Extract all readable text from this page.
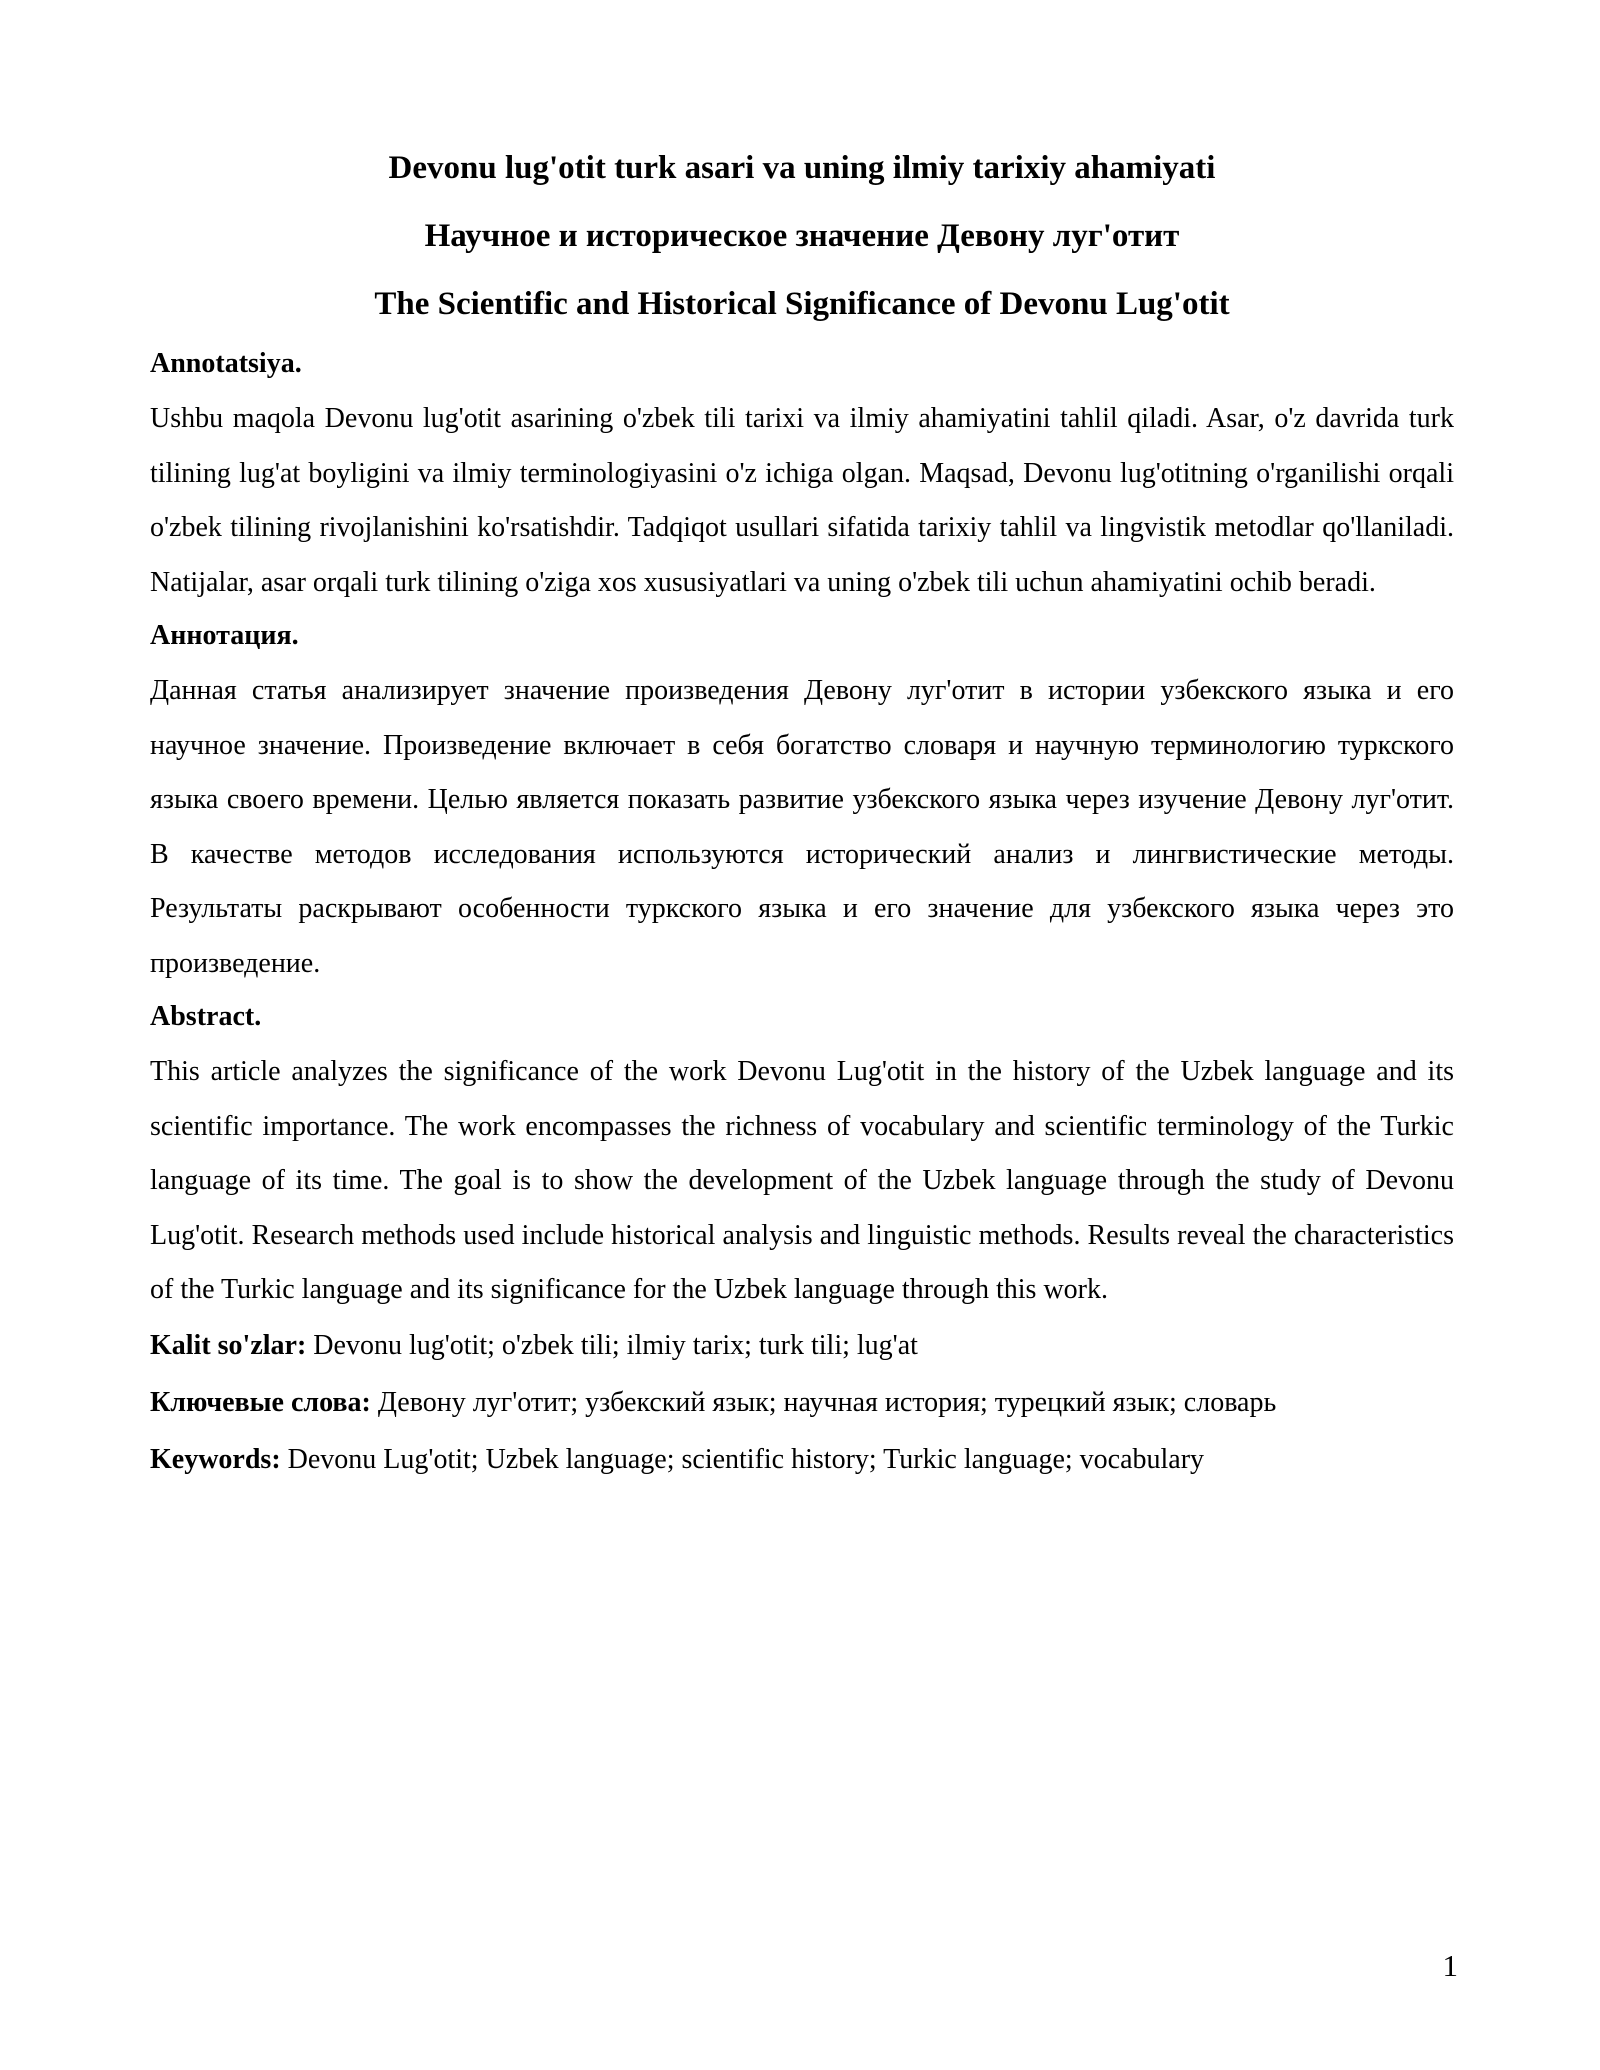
Devonu lug'otit turk asari va uning ilmiy tarixiy ahamiyati
Научное и историческое значение Девону луг'отит
The Scientific and Historical Significance of Devonu Lug'otit
Annotatsiya.

Ushbu maqola Devonu lug'otit asarining o'zbek tili tarixi va ilmiy ahamiyatini tahlil qiladi. Asar, o'z davrida turk tilining lug'at boyligini va ilmiy terminologiyasini o'z ichiga olgan. Maqsad, Devonu lug'otitning o'rganilishi orqali o'zbek tilining rivojlanishini ko'rsatishdir. Tadqiqot usullari sifatida tarixiy tahlil va lingvistik metodlar qo'llaniladi. Natijalar, asar orqali turk tilining o'ziga xos xususiyatlari va uning o'zbek tili uchun ahamiyatini ochib beradi.

Аннотация.

Данная статья анализирует значение произведения Девону луг'отит в истории узбекского языка и его научное значение. Произведение включает в себя богатство словаря и научную терминологию туркского языка своего времени. Целью является показать развитие узбекского языка через изучение Девону луг'отит. В качестве методов исследования используются исторический анализ и лингвистические методы. Результаты раскрывают особенности туркского языка и его значение для узбекского языка через это произведение.

Abstract.

This article analyzes the significance of the work Devonu Lug'otit in the history of the Uzbek language and its scientific importance. The work encompasses the richness of vocabulary and scientific terminology of the Turkic language of its time. The goal is to show the development of the Uzbek language through the study of Devonu Lug'otit. Research methods used include historical analysis and linguistic methods. Results reveal the characteristics of the Turkic language and its significance for the Uzbek language through this work.

Kalit so'zlar: Devonu lug'otit; o'zbek tili; ilmiy tarix; turk tili; lug'at
Ключевые слова: Девону луг'отит; узбекский язык; научная история; турецкий язык; словарь
Keywords: Devonu Lug'otit; Uzbek language; scientific history; Turkic language; vocabulary
1
